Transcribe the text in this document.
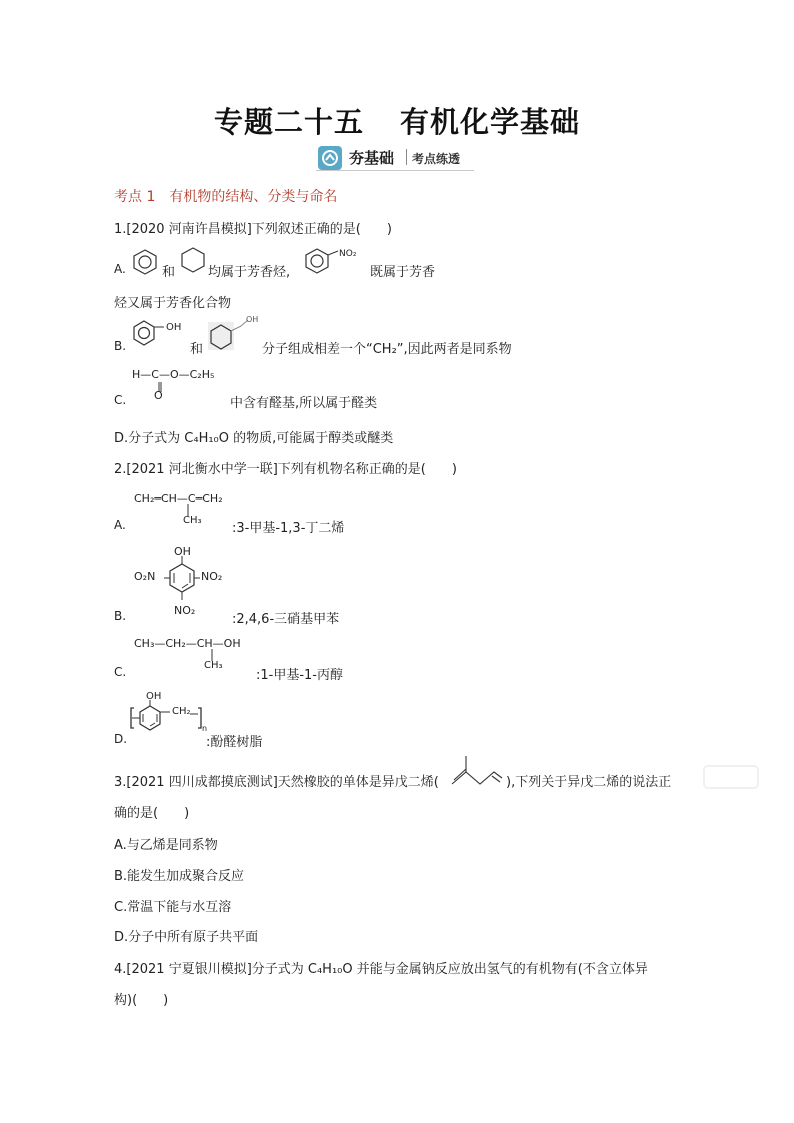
专题二十五 有机化学基础
夯基础 考点练透
考点 1 有机物的结构、分类与命名
1.[2020 河南许昌模拟]下列叙述正确的是(　　)
A.	和	均属于芳香烃,
NO₂
既属于芳香
烃又属于芳香化合物
B.
OH
和
OH
分子组成相差一个“CH₂”,因此两者是同系物
H—C—O—C₂H₅
O
C.	中含有醛基,所以属于醛类
D.分子式为 C₄H₁₀O 的物质,可能属于醇类或醚类
2.[2021 河北衡水中学一联]下列有机物名称正确的是(　　)
CH₂═CH—C═CH₂
CH₃
A.	:3-甲基-1,3-丁二烯
OH
O₂N	NO₂
NO₂
B.	:2,4,6-三硝基甲苯
CH₃—CH₂—CH—OH
CH₃
C.	:1-甲基-1-丙醇
OH
CH₂
n
D.	:酚醛树脂
3.[2021 四川成都摸底测试]天然橡胶的单体是异戊二烯(	),下列关于异戊二烯的说法正
确的是(　　)
A.与乙烯是同系物
B.能发生加成聚合反应
C.常温下能与水互溶
D.分子中所有原子共平面
4.[2021 宁夏银川模拟]分子式为 C₄H₁₀O 并能与金属钠反应放出氢气的有机物有(不含立体异
构)(　　)
